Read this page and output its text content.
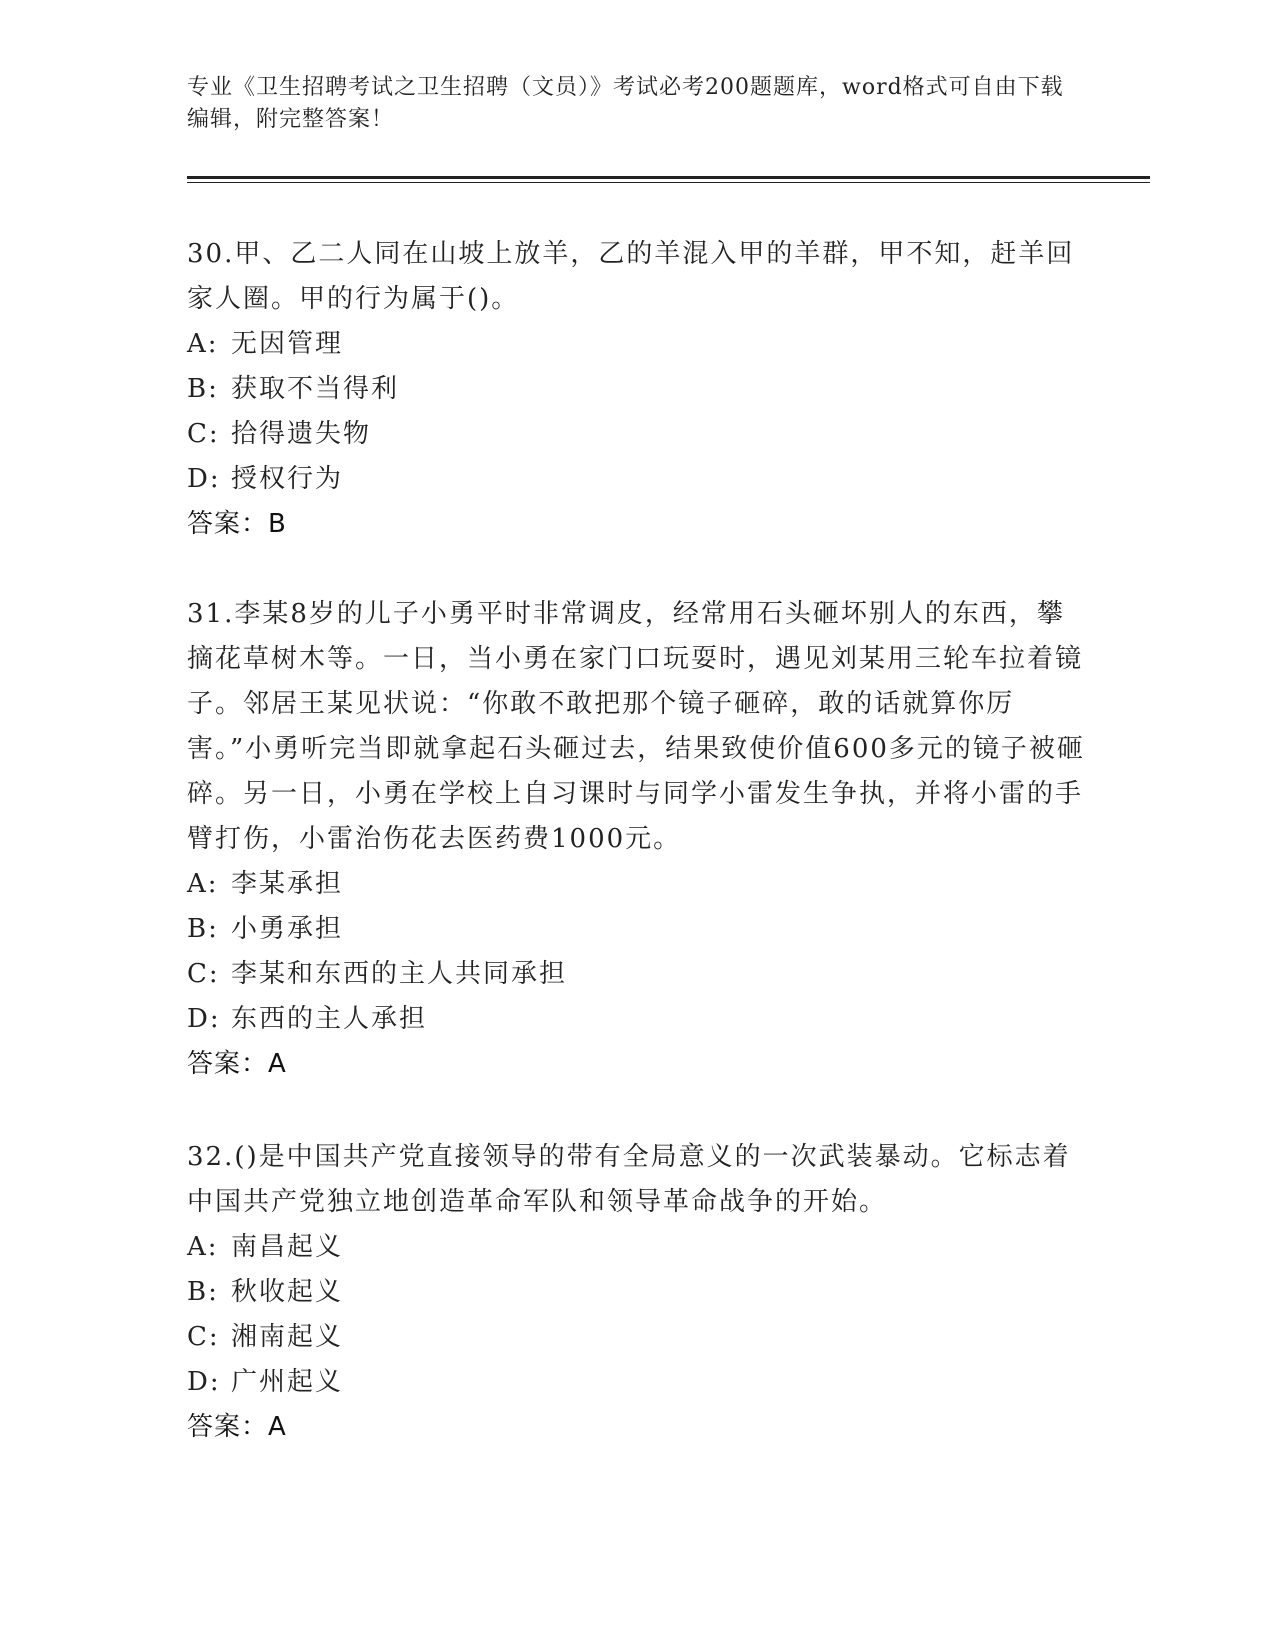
专业《卫生招聘考试之卫生招聘（文员）》考试必考200题题库，word格式可自由下载编辑，附完整答案！

30.甲、乙二人同在山坡上放羊，乙的羊混入甲的羊群，甲不知，赶羊回家人圈。甲的行为属于()。

A: 无因管理
B: 获取不当得利
C: 拾得遗失物
D: 授权行为
答案：B

31.李某8岁的儿子小勇平时非常调皮，经常用石头砸坏别人的东西，攀摘花草树木等。一日，当小勇在家门口玩耍时，遇见刘某用三轮车拉着镜子。邻居王某见状说：“你敢不敢把那个镜子砸碎，敢的话就算你厉害。”小勇听完当即就拿起石头砸过去，结果致使价值600多元的镜子被砸碎。另一日，小勇在学校上自习课时与同学小雷发生争执，并将小雷的手臂打伤，小雷治伤花去医药费1000元。

A: 李某承担
B: 小勇承担
C: 李某和东西的主人共同承担
D: 东西的主人承担
答案：A

32.()是中国共产党直接领导的带有全局意义的一次武装暴动。它标志着中国共产党独立地创造革命军队和领导革命战争的开始。

A: 南昌起义
B: 秋收起义
C: 湘南起义
D: 广州起义
答案：A
